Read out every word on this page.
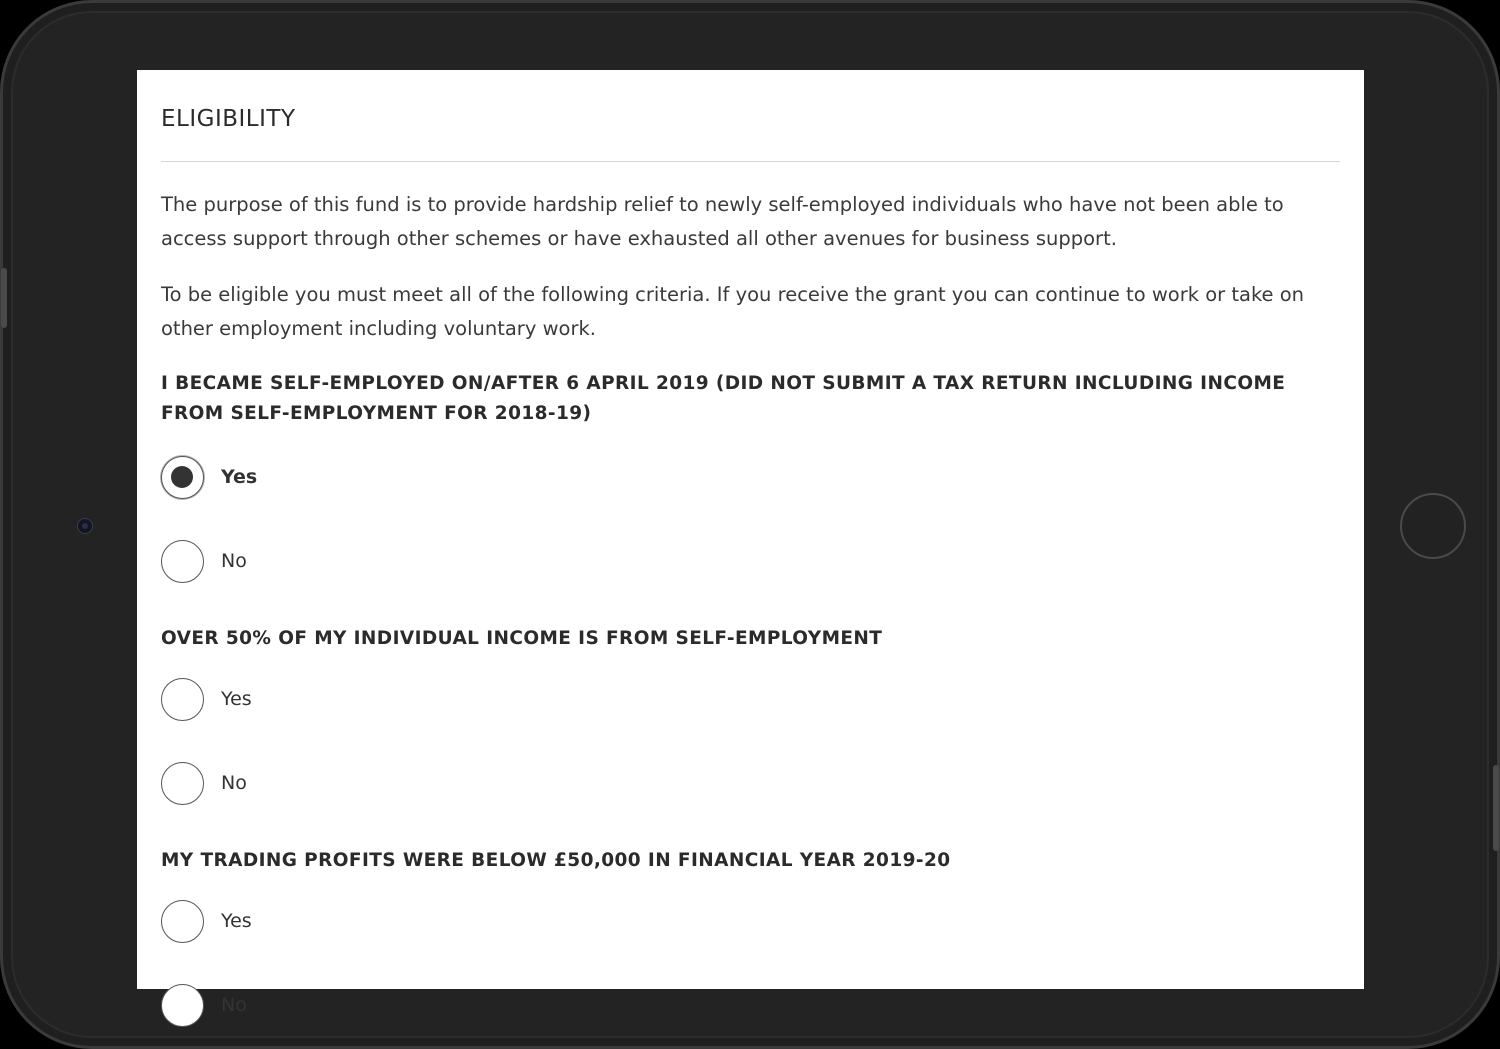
ELIGIBILITY

The purpose of this fund is to provide hardship relief to newly self-employed individuals who have not been able to access support through other schemes or have exhausted all other avenues for business support.

To be eligible you must meet all of the following criteria. If you receive the grant you can continue to work or take on other employment including voluntary work.

I BECAME SELF-EMPLOYED ON/AFTER 6 APRIL 2019 (DID NOT SUBMIT A TAX RETURN INCLUDING INCOME FROM SELF-EMPLOYMENT FOR 2018-19)

Yes
No

OVER 50% OF MY INDIVIDUAL INCOME IS FROM SELF-EMPLOYMENT

Yes
No

MY TRADING PROFITS WERE BELOW £50,000 IN FINANCIAL YEAR 2019-20

Yes
No
